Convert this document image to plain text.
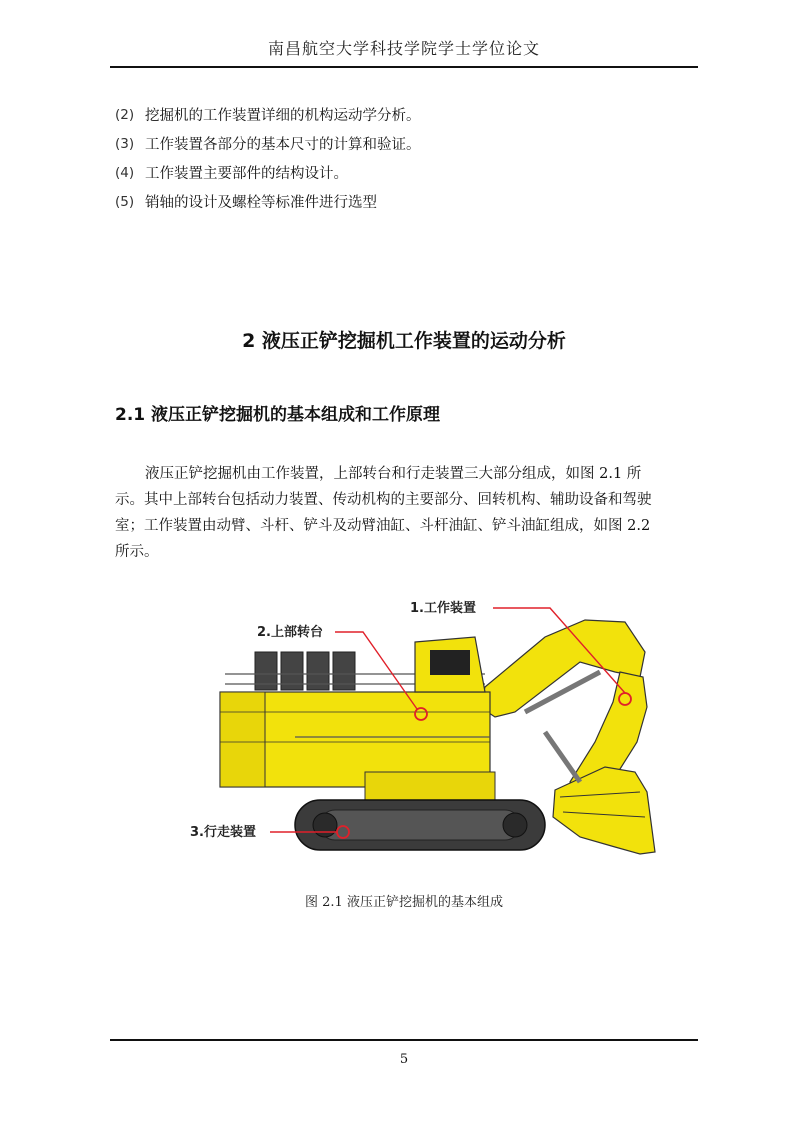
南昌航空大学科技学院学士学位论文
(2) 挖掘机的工作装置详细的机构运动学分析。
(3) 工作装置各部分的基本尺寸的计算和验证。
(4) 工作装置主要部件的结构设计。
(5) 销轴的设计及螺栓等标准件进行选型
2 液压正铲挖掘机工作装置的运动分析
2.1 液压正铲挖掘机的基本组成和工作原理
液压正铲挖掘机由工作装置，上部转台和行走装置三大部分组成，如图 2.1 所
示。其中上部转台包括动力装置、传动机构的主要部分、回转机构、辅助设备和驾驶
室；工作装置由动臂、斗杆、铲斗及动臂油缸、斗杆油缸、铲斗油缸组成，如图 2.2
所示。
1.工作装置
2.上部转台
3.行走装置
图 2.1 液压正铲挖掘机的基本组成
5
